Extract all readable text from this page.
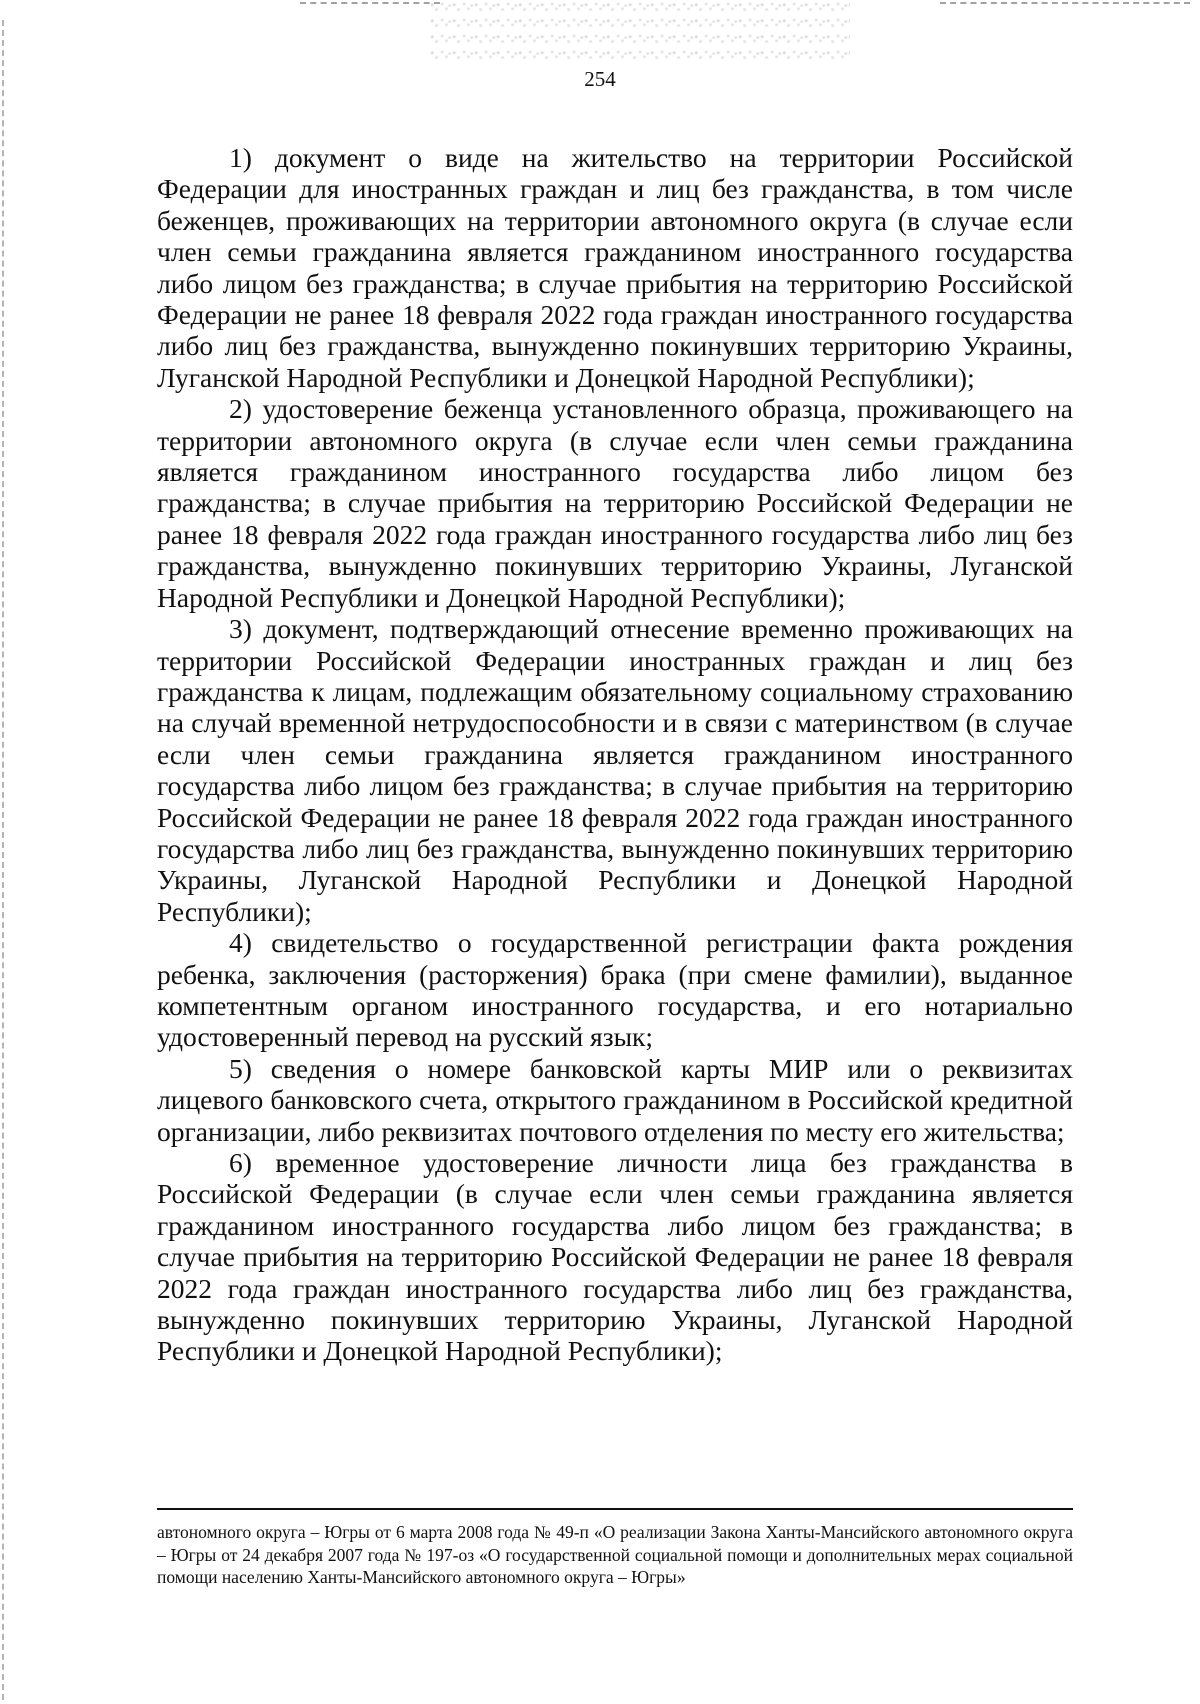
254

1) документ о виде на жительство на территории Российской Федерации для иностранных граждан и лиц без гражданства, в том числе беженцев, проживающих на территории автономного округа (в случае если член семьи гражданина является гражданином иностранного государства либо лицом без гражданства; в случае прибытия на территорию Российской Федерации не ранее 18 февраля 2022 года граждан иностранного государства либо лиц без гражданства, вынужденно покинувших территорию Украины, Луганской Народной Республики и Донецкой Народной Республики);

2) удостоверение беженца установленного образца, проживающего на территории автономного округа (в случае если член семьи гражданина является гражданином иностранного государства либо лицом без гражданства; в случае прибытия на территорию Российской Федерации не ранее 18 февраля 2022 года граждан иностранного государства либо лиц без гражданства, вынужденно покинувших территорию Украины, Луганской Народной Республики и Донецкой Народной Республики);

3) документ, подтверждающий отнесение временно проживающих на территории Российской Федерации иностранных граждан и лиц без гражданства к лицам, подлежащим обязательному социальному страхованию на случай временной нетрудоспособности и в связи с материнством (в случае если член семьи гражданина является гражданином иностранного государства либо лицом без гражданства; в случае прибытия на территорию Российской Федерации не ранее 18 февраля 2022 года граждан иностранного государства либо лиц без гражданства, вынужденно покинувших территорию Украины, Луганской Народной Республики и Донецкой Народной Республики);

4) свидетельство о государственной регистрации факта рождения ребенка, заключения (расторжения) брака (при смене фамилии), выданное компетентным органом иностранного государства, и его нотариально удостоверенный перевод на русский язык;

5) сведения о номере банковской карты МИР или о реквизитах лицевого банковского счета, открытого гражданином в Российской кредитной организации, либо реквизитах почтового отделения по месту его жительства;

6) временное удостоверение личности лица без гражданства в Российской Федерации (в случае если член семьи гражданина является гражданином иностранного государства либо лицом без гражданства; в случае прибытия на территорию Российской Федерации не ранее 18 февраля 2022 года граждан иностранного государства либо лиц без гражданства, вынужденно покинувших территорию Украины, Луганской Народной Республики и Донецкой Народной Республики);

автономного округа – Югры от 6 марта 2008 года № 49-п «О реализации Закона Ханты-Мансийского автономного округа – Югры от 24 декабря 2007 года № 197-оз «О государственной социальной помощи и дополнительных мерах социальной помощи населению Ханты-Мансийского автономного округа – Югры»
